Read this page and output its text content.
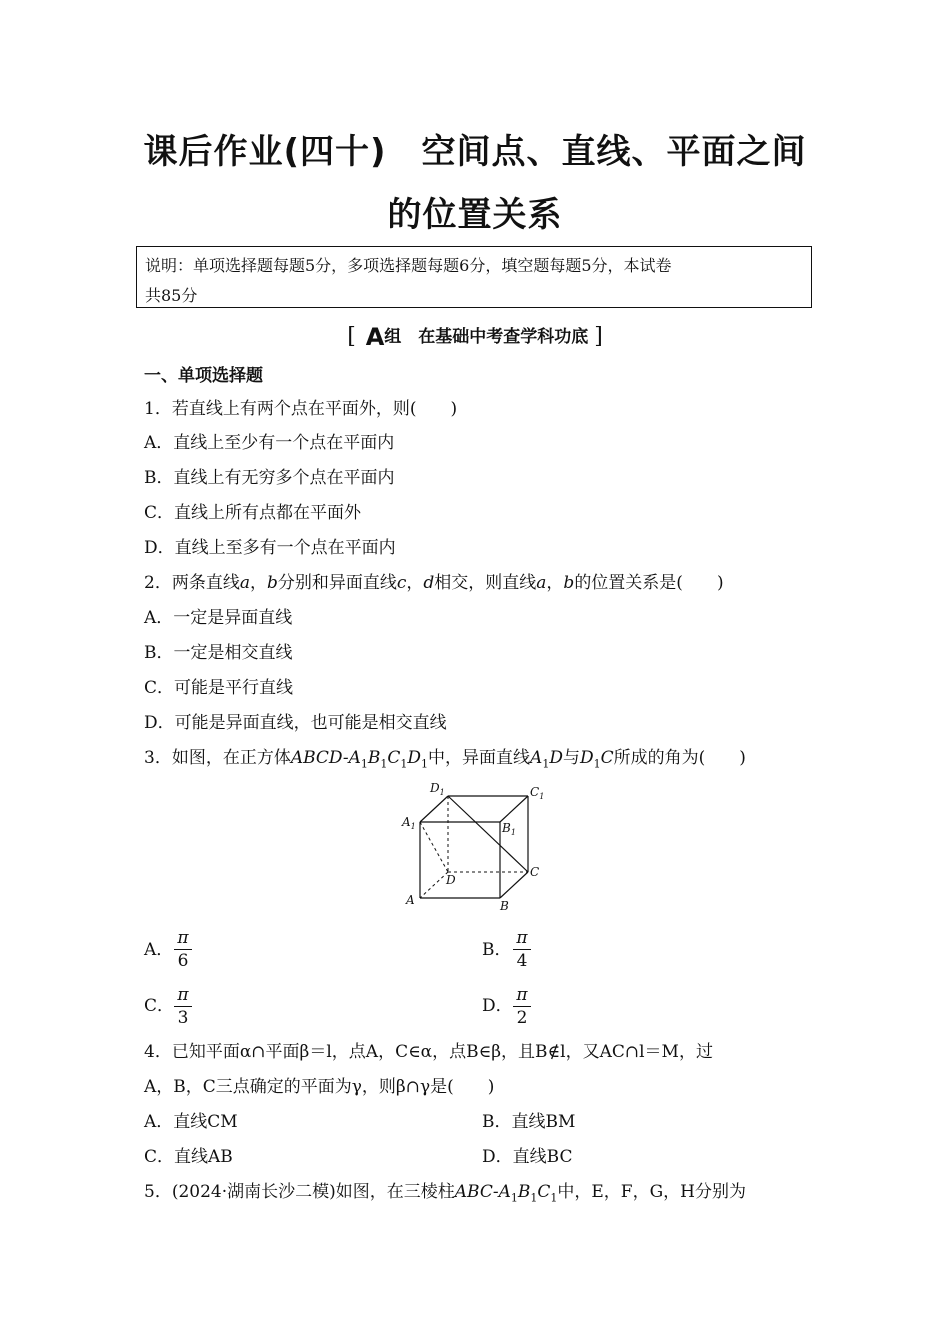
课后作业(四十)　空间点、直线、平面之间
的位置关系
说明：单项选择题每题5分，多项选择题每题6分，填空题每题5分，本试卷
共85分
[ A组　在基础中考查学科功底 ]
一、单项选择题
1．若直线上有两个点在平面外，则(　　)
A．直线上至少有一个点在平面内
B．直线上有无穷多个点在平面内
C．直线上所有点都在平面外
D．直线上至多有一个点在平面内
2．两条直线a，b分别和异面直线c，d相交，则直线a，b的位置关系是(　　)
A．一定是异面直线
B．一定是相交直线
C．可能是平行直线
D．可能是异面直线，也可能是相交直线
3．如图，在正方体ABCD-$A_1B_1C_1D_1$中，异面直线$A_1D$与$D_1C$所成的角为(　　)
$D_1$	$C_1$
$A_1$	$B_1$
D
C
A	B
A．
π
6
B．
π
4
C．
π
3
D．
π
2
4．已知平面α∩平面β＝l，点A，C∈α，点B∈β，且B∉l，又AC∩l＝M，过
A，B，C三点确定的平面为γ，则β∩γ是(　　)
A．直线CM	B．直线BM
C．直线AB	D．直线BC
5．(2024·湖南长沙二模)如图，在三棱柱ABC-$A_1B_1C_1$中，E，F，G，H分别为
